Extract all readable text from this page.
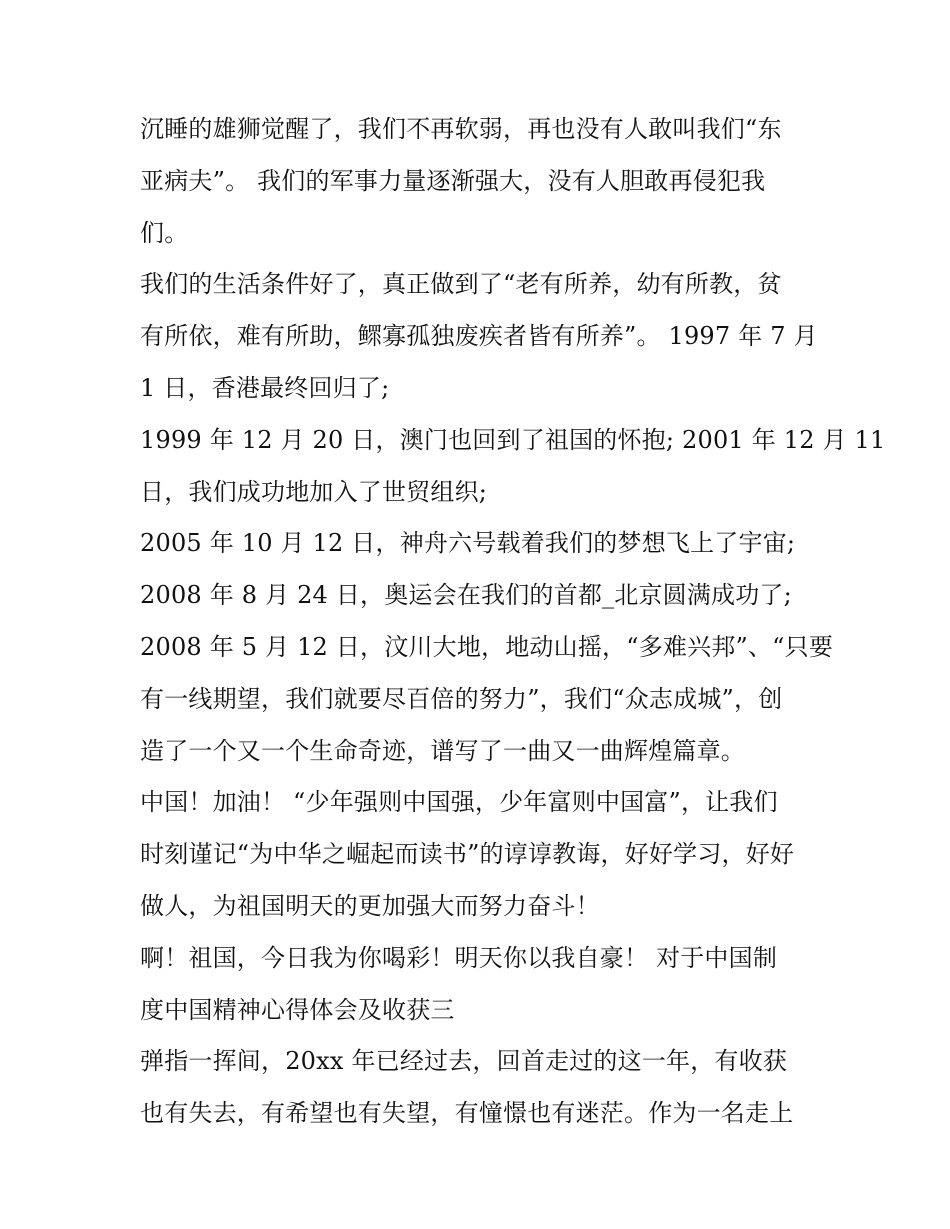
沉睡的雄狮觉醒了，我们不再软弱，再也没有人敢叫我们“东
亚病夫”。 我们的军事力量逐渐强大，没有人胆敢再侵犯我
们。
我们的生活条件好了，真正做到了“老有所养，幼有所教，贫
有所依，难有所助，鳏寡孤独废疾者皆有所养”。 1997 年 7 月
1 日，香港最终回归了;
1999 年 12 月 20 日，澳门也回到了祖国的怀抱; 2001 年 12 月 11
日，我们成功地加入了世贸组织;
2005 年 10 月 12 日，神舟六号载着我们的梦想飞上了宇宙;
2008 年 8 月 24 日，奥运会在我们的首都_北京圆满成功了;
2008 年 5 月 12 日，汶川大地，地动山摇，“多难兴邦”、“只要
有一线期望，我们就要尽百倍的努力”，我们“众志成城”，创
造了一个又一个生命奇迹，谱写了一曲又一曲辉煌篇章。
中国！加油！ “少年强则中国强，少年富则中国富”，让我们
时刻谨记“为中华之崛起而读书”的谆谆教诲，好好学习，好好
做人，为祖国明天的更加强大而努力奋斗！
啊！祖国，今日我为你喝彩！明天你以我自豪！ 对于中国制
度中国精神心得体会及收获三
弹指一挥间，20xx 年已经过去，回首走过的这一年，有收获
也有失去，有希望也有失望，有憧憬也有迷茫。作为一名走上
